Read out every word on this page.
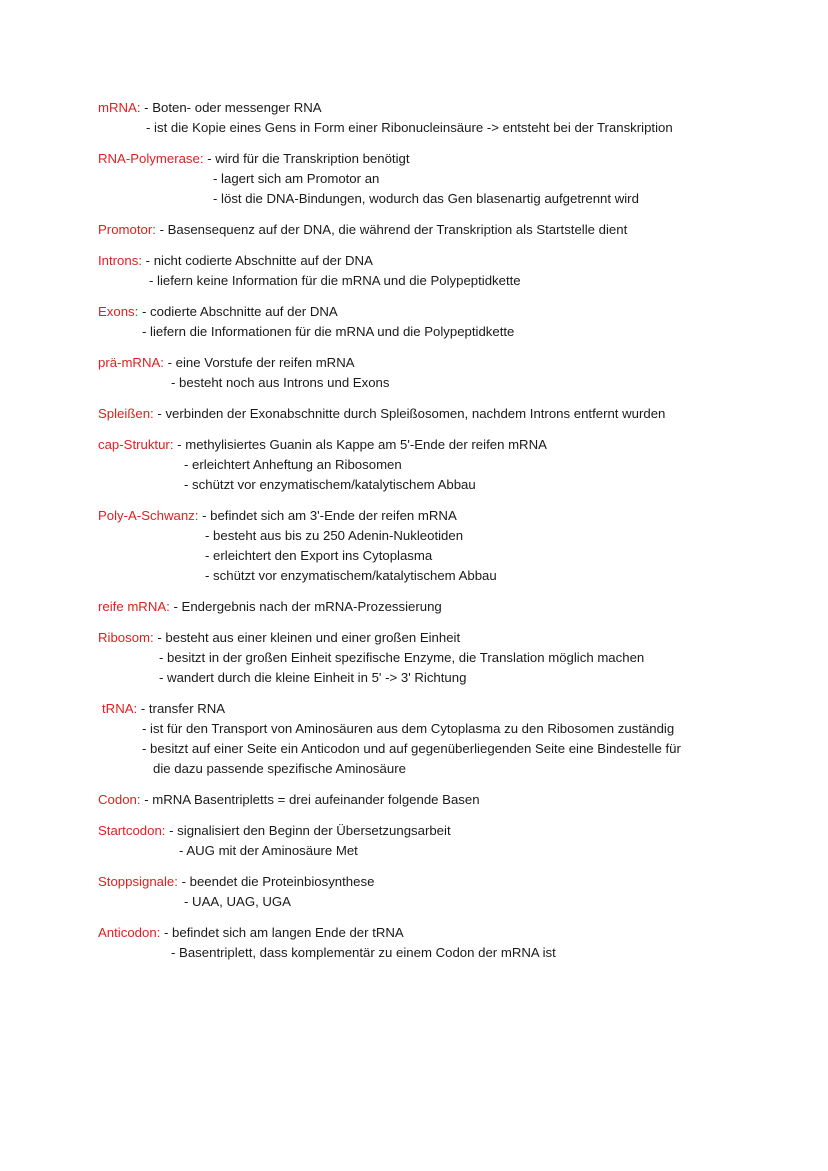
mRNA: - Boten- oder messenger RNA
- ist die Kopie eines Gens in Form einer Ribonucleinsäure -> entsteht bei der Transkription
RNA-Polymerase: - wird für die Transkription benötigt
- lagert sich am Promotor an
- löst die DNA-Bindungen, wodurch das Gen blasenartig aufgetrennt wird
Promotor: - Basensequenz auf der DNA, die während der Transkription als Startstelle dient
Introns: - nicht codierte Abschnitte auf der DNA
- liefern keine Information für die mRNA und die Polypeptidkette
Exons: - codierte Abschnitte auf der DNA
- liefern die Informationen für die mRNA und die Polypeptidkette
prä-mRNA: - eine Vorstufe der reifen mRNA
- besteht noch aus Introns und Exons
Spleißen: - verbinden der Exonabschnitte durch Spleißosomen, nachdem Introns entfernt wurden
cap-Struktur: - methylisiertes Guanin als Kappe am 5'-Ende der reifen mRNA
- erleichtert Anheftung an Ribosomen
- schützt vor enzymatischem/katalytischem Abbau
Poly-A-Schwanz: - befindet sich am 3'-Ende der reifen mRNA
- besteht aus bis zu 250 Adenin-Nukleotiden
- erleichtert den Export ins Cytoplasma
- schützt vor enzymatischem/katalytischem Abbau
reife mRNA: - Endergebnis nach der mRNA-Prozessierung
Ribosom: - besteht aus einer kleinen und einer großen Einheit
- besitzt in der großen Einheit spezifische Enzyme, die Translation möglich machen
- wandert durch die kleine Einheit in 5' -> 3' Richtung
tRNA: - transfer RNA
- ist für den Transport von Aminosäuren aus dem Cytoplasma zu den Ribosomen zuständig
- besitzt auf einer Seite ein Anticodon und auf gegenüberliegenden Seite eine Bindestelle für
die dazu passende spezifische Aminosäure
Codon: - mRNA Basentripletts = drei aufeinander folgende Basen
Startcodon: - signalisiert den Beginn der Übersetzungsarbeit
- AUG mit der Aminosäure Met
Stoppsignale: - beendet die Proteinbiosynthese
- UAA, UAG, UGA
Anticodon: - befindet sich am langen Ende der tRNA
- Basentriplett, dass komplementär zu einem Codon der mRNA ist
